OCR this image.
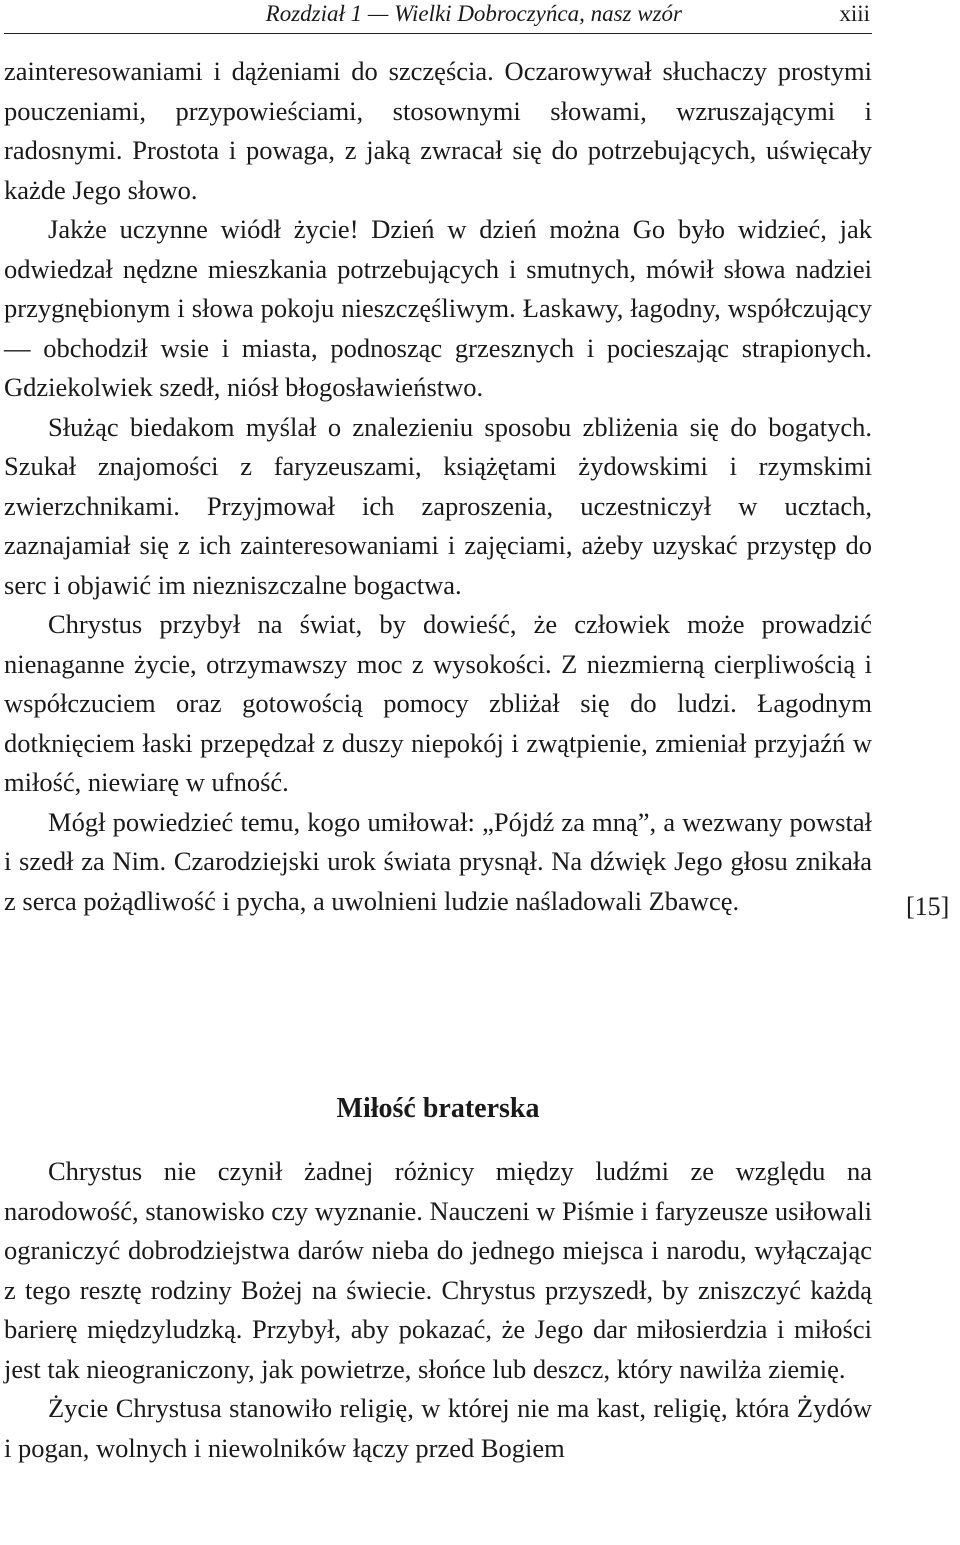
Rozdział 1 — Wielki Dobroczyńca, nasz wzór	xiii

zainteresowaniami i dążeniami do szczęścia. Oczarowywał słuchaczy prostymi pouczeniami, przypowieściami, stosownymi słowami, wzruszającymi i radosnymi. Prostota i powaga, z jaką zwracał się do potrzebujących, uświęcały każde Jego słowo.

Jakże uczynne wiódł życie! Dzień w dzień można Go było widzieć, jak odwiedzał nędzne mieszkania potrzebujących i smutnych, mówił słowa nadziei przygnębionym i słowa pokoju nieszczęśliwym. Łaskawy, łagodny, współczujący — obchodził wsie i miasta, podnosząc grzesznych i pocieszając strapionych. Gdziekolwiek szedł, niósł błogosławieństwo.

Służąc biedakom myślał o znalezieniu sposobu zbliżenia się do bogatych. Szukał znajomości z faryzeuszami, książętami żydowskimi i rzymskimi zwierzchnikami. Przyjmował ich zaproszenia, uczestniczył w ucztach, zaznajamiał się z ich zainteresowaniami i zajęciami, ażeby uzyskać przystęp do serc i objawić im niezniszczalne bogactwa.

Chrystus przybył na świat, by dowieść, że człowiek może prowadzić nienaganne życie, otrzymawszy moc z wysokości. Z niezmierną cierpliwością i współczuciem oraz gotowością pomocy zbliżał się do ludzi. Łagodnym dotknięciem łaski przepędzał z duszy niepokój i zwątpienie, zmieniał przyjaźń w miłość, niewiarę w ufność.

Mógł powiedzieć temu, kogo umiłował: „Pójdź za mną”, a wezwany powstał i szedł za Nim. Czarodziejski urok świata prysnął. Na dźwięk Jego głosu znikała z serca pożądliwość i pycha, a uwolnieni ludzie naśladowali Zbawcę.	[15]
Miłość braterska

Chrystus nie czynił żadnej różnicy między ludźmi ze względu na narodowość, stanowisko czy wyznanie. Nauczeni w Piśmie i faryzeusze usiłowali ograniczyć dobrodziejstwa darów nieba do jednego miejsca i narodu, wyłączając z tego resztę rodziny Bożej na świecie. Chrystus przyszedł, by zniszczyć każdą barierę międzyludzką. Przybył, aby pokazać, że Jego dar miłosierdzia i miłości jest tak nieograniczony, jak powietrze, słońce lub deszcz, który nawilża ziemię.

Życie Chrystusa stanowiło religię, w której nie ma kast, religię, która Żydów i pogan, wolnych i niewolników łączy przed Bogiem
